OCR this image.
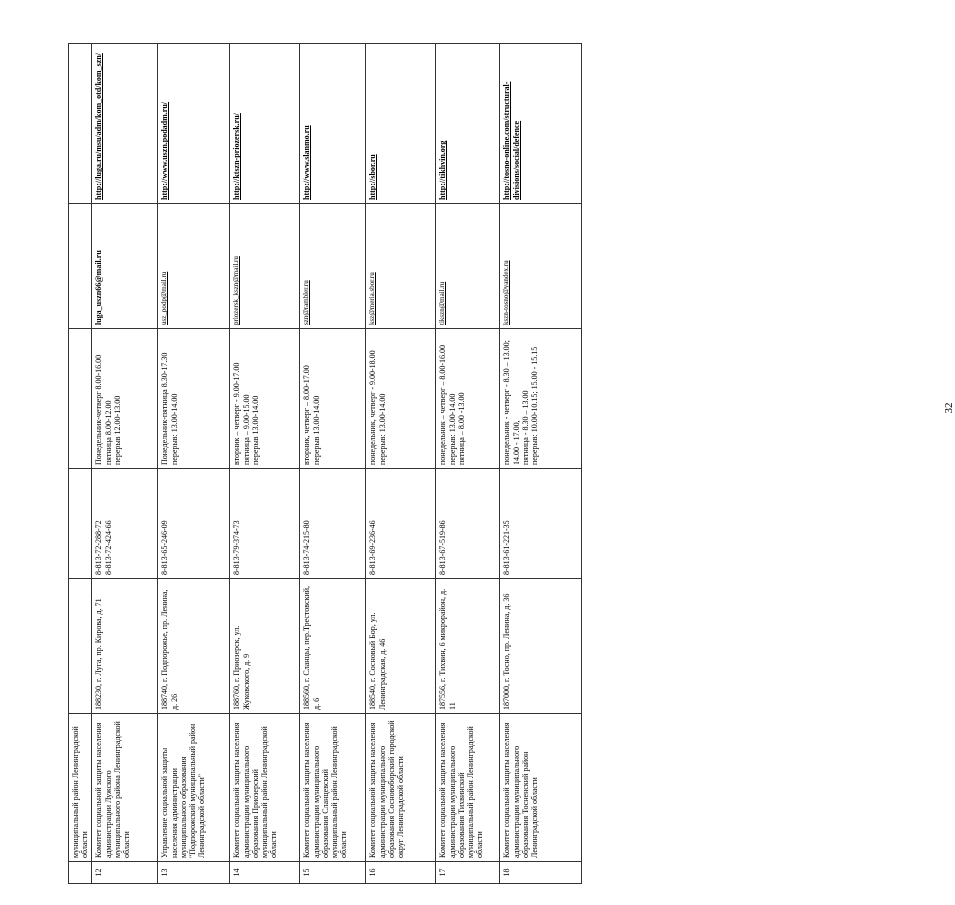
32
	муниципальный район Ленинградской области					
12	Комитет социальной защиты населения администрации Лужского муниципального района Ленинградской области	188230, г. Луга, пр. Кирова, д. 71	8-813-72-288-72
8-813-72-424-66	Понедельник-четверг 8.00-16.00 пятница 8.00-12.00
перерыв 12.00-13.00	luga_uszn66@mail.ru	http://luga.ru/msu/adm/kom_otd/kom_szn/
13	Управление социальной защиты населения администрации муниципального образования "Подпорожский муниципальный район Ленинградской области"	188740, г. Подпорожье, пр. Ленина, д. 26	8-813-65-246-09	Понедельник-пятница 8.30-17.30
перерыв: 13.00-14.00	usz_podp@mail.ru	http://www.uszn.podadm.ru/
14	Комитет социальной защиты населения администрации муниципального образования Приозерский муниципальный район Ленинградской области	188760, г. Приозерск, ул. Жуковского, д. 9	8-813-79-374-73	вторник – четверг - 9.00-17.00
пятница – 9.00-15.00
перерыв 13.00-14.00	priozersk_kszn@mail.ru	http://ktszn-priozersk.ru/
15	Комитет социальной защиты населения администрации муниципального образования Сланцевский муниципальный район Ленинградской области	188560, г. Сланцы, пер.Трестовский, д. 6	8-813-74-215-80	вторник, четверг – 8.00-17.00
перерыв 13.00-14.00	szn@rambler.ru	http://www.slanmo.ru
16	Комитет социальной защиты населения администрации муниципального образования Сосновоборский городской округ Ленинградской области	188540, г. Сосновый Бор, ул. Ленинградская, д. 46	8-813-69-236-46	понедельник, четверг - 9.00-18.00
перерыв: 13.00-14.00	ksz@meria.sbor.ru	http://sbor.ru
17	Комитет социальной защиты населения администрации муниципального образования Тихвинский муниципальный район Ленинградской области	187556, г. Тихвин, 6 микрорайон, д. 11	8-813-67-519-86	понедельник – четверг – 8.00-16.00
перерыв: 13.00-14.00
пятница – 8.00 -13.00	tikszn@mail.ru	http://tikhvin.org
18	Комитет социальной защиты населения администрации муниципального образования Тосненский район Ленинградской области	187000, г. Тосно, пр. Ленина, д. 36	8-813-61-221-35	понедельник - четверг - 8.30 – 13.00; 14.00 - 17.00,
пятница - 8.30 – 13.00
перерыв: 10.00-10.15; 15.00 - 15.15	kszn-tosno@yandex.ru	http://tosno-online.com/structural-divisions/social/defence
